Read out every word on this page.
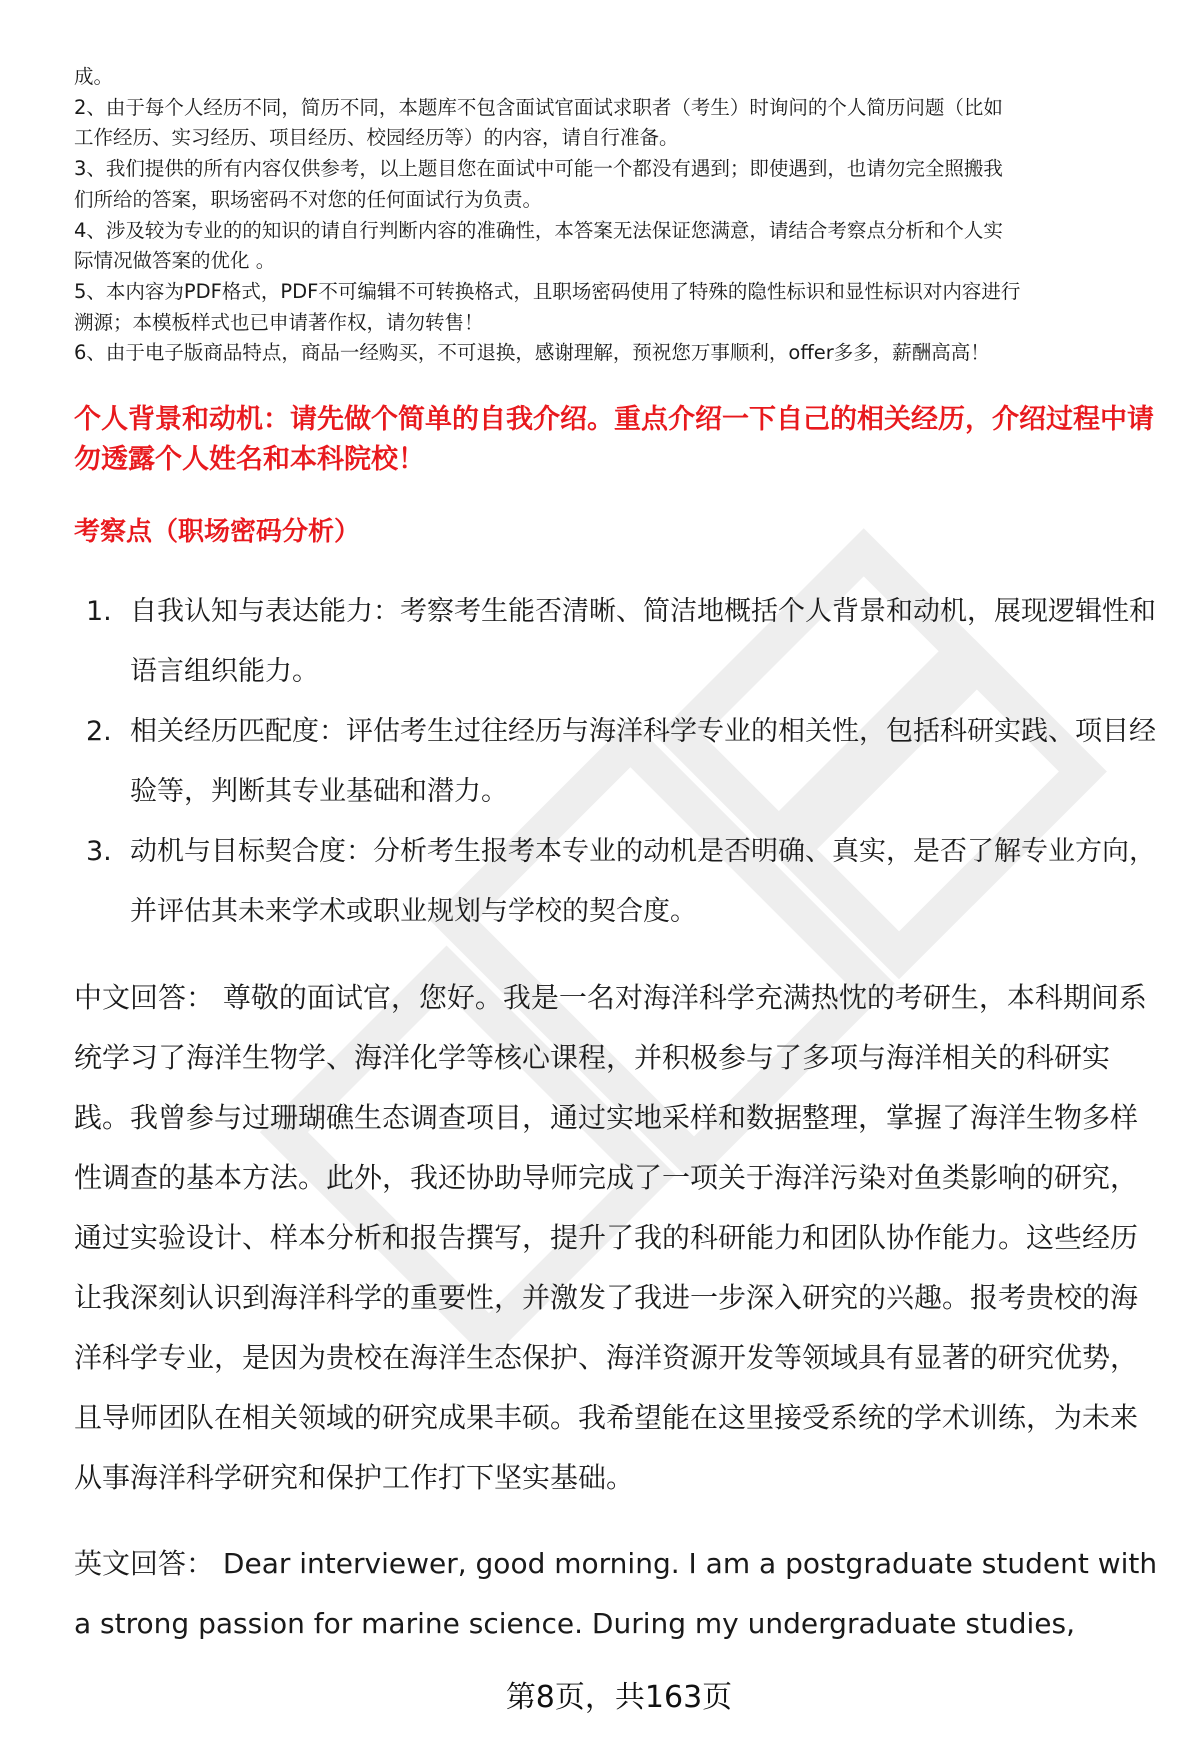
成。

2、由于每个人经历不同，简历不同，本题库不包含面试官面试求职者（考生）时询问的个人简历问题（比如

工作经历、实习经历、项目经历、校园经历等）的内容，请自行准备。

3、我们提供的所有内容仅供参考，以上题目您在面试中可能一个都没有遇到；即使遇到，也请勿完全照搬我

们所给的答案，职场密码不对您的任何面试行为负责。

4、涉及较为专业的的知识的请自行判断内容的准确性，本答案无法保证您满意，请结合考察点分析和个人实

际情况做答案的优化 。

5、本内容为PDF格式，PDF不可编辑不可转换格式，且职场密码使用了特殊的隐性标识和显性标识对内容进行

溯源；本模板样式也已申请著作权，请勿转售！

6、由于电子版商品特点，商品一经购买，不可退换，感谢理解，预祝您万事顺利，offer多多，薪酬高高！

个人背景和动机：请先做个简单的自我介绍。重点介绍一下自己的相关经历，介绍过程中请勿透露个人姓名和本科院校！

考察点（职场密码分析）

1. 自我认知与表达能力：考察考生能否清晰、简洁地概括个人背景和动机，展现逻辑性和语言组织能力。
2. 相关经历匹配度：评估考生过往经历与海洋科学专业的相关性，包括科研实践、项目经验等，判断其专业基础和潜力。
3. 动机与目标契合度：分析考生报考本专业的动机是否明确、真实，是否了解专业方向，并评估其未来学术或职业规划与学校的契合度。

中文回答： 尊敬的面试官，您好。我是一名对海洋科学充满热忱的考研生，本科期间系统学习了海洋生物学、海洋化学等核心课程，并积极参与了多项与海洋相关的科研实践。我曾参与过珊瑚礁生态调查项目，通过实地采样和数据整理，掌握了海洋生物多样性调查的基本方法。此外，我还协助导师完成了一项关于海洋污染对鱼类影响的研究，通过实验设计、样本分析和报告撰写，提升了我的科研能力和团队协作能力。这些经历让我深刻认识到海洋科学的重要性，并激发了我进一步深入研究的兴趣。报考贵校的海洋科学专业，是因为贵校在海洋生态保护、海洋资源开发等领域具有显著的研究优势，且导师团队在相关领域的研究成果丰硕。我希望能在这里接受系统的学术训练，为未来从事海洋科学研究和保护工作打下坚实基础。

英文回答： Dear interviewer, good morning. I am a postgraduate student with a strong passion for marine science. During my undergraduate studies,

第8页，共163页
